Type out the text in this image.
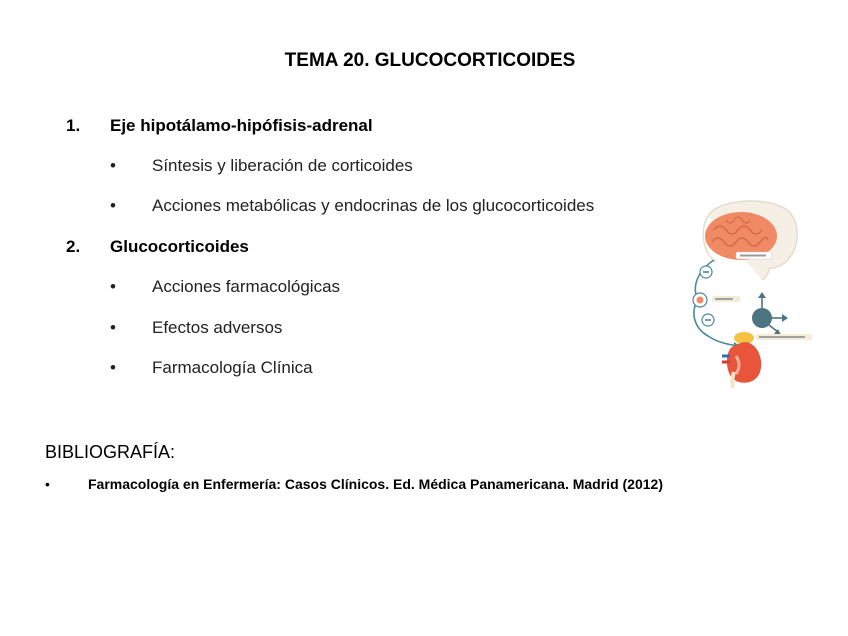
TEMA 20. GLUCOCORTICOIDES
1. Eje hipotálamo-hipófisis-adrenal
• Síntesis y liberación de corticoides
• Acciones metabólicas y endocrinas de los glucocorticoides
2. Glucocorticoides
• Acciones farmacológicas
• Efectos adversos
• Farmacología Clínica
BIBLIOGRAFÍA:
•	Farmacología en Enfermería: Casos Clínicos. Ed. Médica Panamericana. Madrid (2012)
